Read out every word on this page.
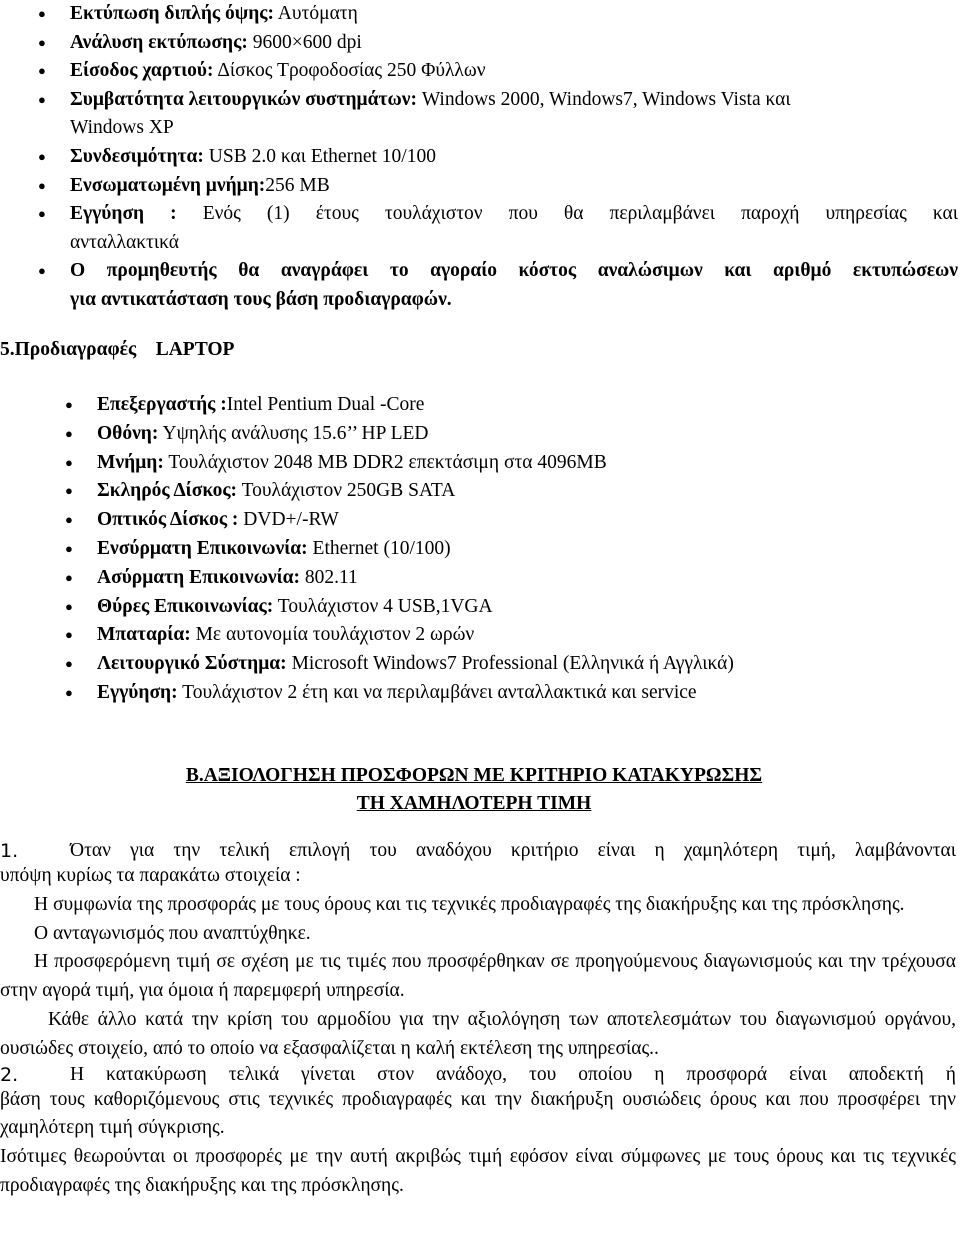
● Εκτύπωση διπλής όψης: Αυτόματη
● Ανάλυση εκτύπωσης: 9600×600 dpi
● Είσοδος χαρτιού: Δίσκος Τροφοδοσίας 250 Φύλλων
● Συμβατότητα λειτουργικών συστημάτων: Windows 2000, Windows7, Windows Vista και
Windows XP
● Συνδεσιμότητα: USB 2.0 και Ethernet 10/100
● Ενσωματωμένη μνήμη:256 MB
● Εγγύηση : Ενός (1) έτους τουλάχιστον που θα περιλαμβάνει παροχή υπηρεσίας και
ανταλλακτικά
● Ο προμηθευτής θα αναγράφει το αγοραίο κόστος αναλώσιμων και αριθμό εκτυπώσεων
για αντικατάσταση τους βάση προδιαγραφών.
5.Προδιαγραφές    LAPTOP
● Επεξεργαστής :Intel Pentium Dual -Core
● Οθόνη: Υψηλής ανάλυσης 15.6’’ HP LED
● Μνήμη: Τουλάχιστον 2048 MB DDR2 επεκτάσιμη στα 4096MB
● Σκληρός Δίσκος: Τουλάχιστον 250GB SATA
● Οπτικός Δίσκος : DVD+/-RW
● Ενσύρματη Επικοινωνία: Ethernet (10/100)
● Ασύρματη Επικοινωνία: 802.11
● Θύρες Επικοινωνίας: Τουλάχιστον 4 USB,1VGA
● Μπαταρία: Με αυτονομία τουλάχιστον 2 ωρών
● Λειτουργικό Σύστημα: Microsoft Windows7 Professional (Ελληνικά ή Αγγλικά)
● Εγγύηση: Τουλάχιστον 2 έτη και να περιλαμβάνει ανταλλακτικά και service
Β.ΑΞΙΟΛΟΓΗΣΗ ΠΡΟΣΦΟΡΩΝ ΜΕ ΚΡΙΤΗΡΙΟ ΚΑΤΑΚΥΡΩΣΗΣ
ΤΗ ΧΑΜΗΛΟΤΕΡΗ ΤΙΜΗ
1.	Όταν για την τελική επιλογή του αναδόχου κριτήριο είναι η χαμηλότερη τιμή, λαμβάνονται

υπόψη κυρίως τα παρακάτω στοιχεία :

Η συμφωνία της προσφοράς με τους όρους και τις τεχνικές προδιαγραφές της διακήρυξης και της πρόσκλησης.

Ο ανταγωνισμός που αναπτύχθηκε.

Η προσφερόμενη τιμή σε σχέση με τις τιμές που προσφέρθηκαν σε προηγούμενους διαγωνισμούς και την τρέχουσα στην αγορά τιμή, για όμοια ή παρεμφερή υπηρεσία.

Κάθε άλλο κατά την κρίση του αρμοδίου για την αξιολόγηση των αποτελεσμάτων του διαγωνισμού οργάνου, ουσιώδες στοιχείο, από το οποίο να εξασφαλίζεται η καλή εκτέλεση της υπηρεσίας..

2.	Η κατακύρωση τελικά γίνεται στον ανάδοχο, του οποίου η προσφορά είναι αποδεκτή ή

βάση τους καθοριζόμενους στις τεχνικές προδιαγραφές και την διακήρυξη ουσιώδεις όρους και που προσφέρει την χαμηλότερη τιμή σύγκρισης.

Ισότιμες θεωρούνται οι προσφορές με την αυτή ακριβώς τιμή εφόσον είναι σύμφωνες με τους όρους και τις τεχνικές προδιαγραφές της διακήρυξης και της πρόσκλησης.
